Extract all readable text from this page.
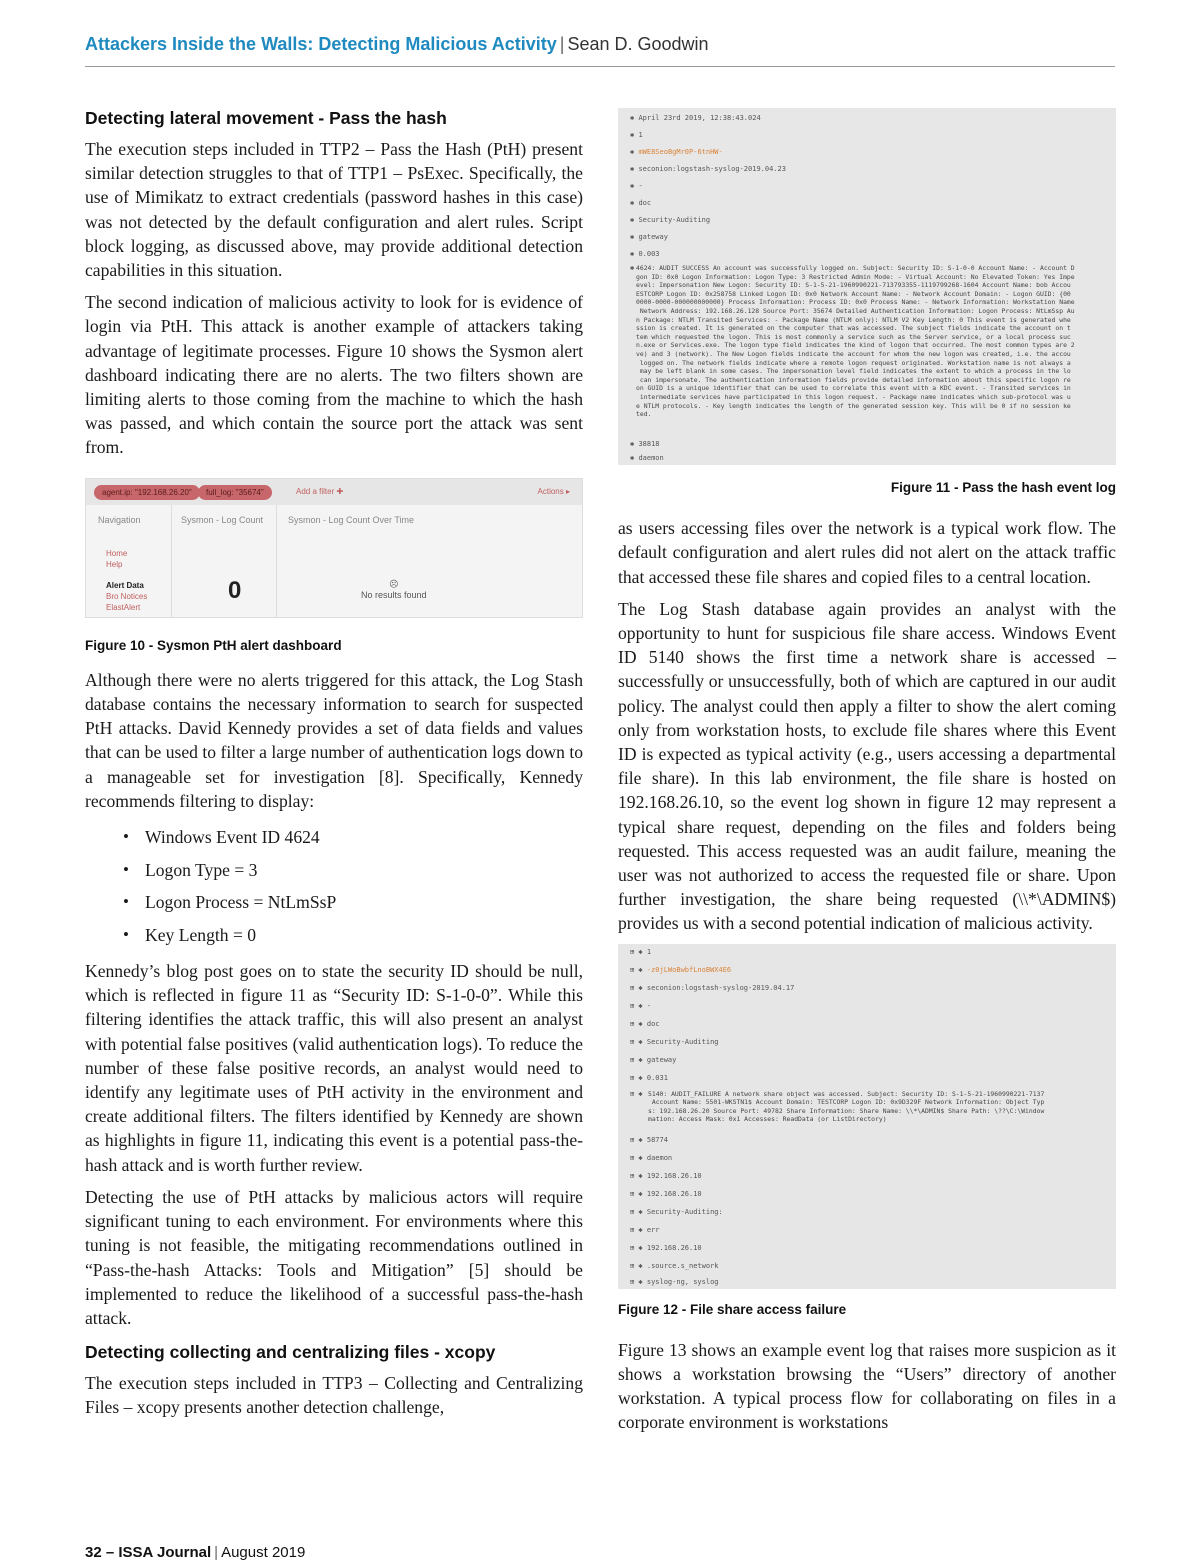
Attackers Inside the Walls: Detecting Malicious Activity | Sean D. Goodwin
Detecting lateral movement - Pass the hash

The execution steps included in TTP2 – Pass the Hash (PtH) present similar detection struggles to that of TTP1 – PsExec. Specifically, the use of Mimikatz to extract credentials (password hashes in this case) was not detected by the default configuration and alert rules. Script block logging, as discussed above, may provide additional detection capabilities in this situation.

The second indication of malicious activity to look for is evidence of login via PtH. This attack is another example of attackers taking advantage of legitimate processes. Figure 10 shows the Sysmon alert dashboard indicating there are no alerts. The two filters shown are limiting alerts to those coming from the machine to which the hash was passed, and which contain the source port the attack was sent from.

agent.ip: "192.168.26.20"	full_log: "35674"	Add a filter ✚	Actions ▸
Navigation
Home
Help
Alert Data
Bro Notices
ElastAlert
Sysmon - Log Count
0
Sysmon - Log Count Over Time
☹
No results found

Figure 10 - Sysmon PtH alert dashboard

Although there were no alerts triggered for this attack, the Log Stash database contains the necessary information to search for suspected PtH attacks. David Kennedy provides a set of data fields and values that can be used to filter a large number of authentication logs down to a manageable set for investigation [8]. Specifically, Kennedy recommends filtering to display:

• Windows Event ID 4624
• Logon Type = 3
• Logon Process = NtLmSsP
• Key Length = 0

Kennedy’s blog post goes on to state the security ID should be null, which is reflected in figure 11 as “Security ID: S-1-0-0”. While this filtering identifies the attack traffic, this will also present an analyst with potential false positives (valid authentication logs). To reduce the number of these false positive records, an analyst would need to identify any legitimate uses of PtH activity in the environment and create additional filters. The filters identified by Kennedy are shown as highlights in figure 11, indicating this event is a potential pass-the-hash attack and is worth further review.

Detecting the use of PtH attacks by malicious actors will require significant tuning to each environment. For environments where this tuning is not feasible, the mitigating recommendations outlined in “Pass-the-hash Attacks: Tools and Mitigation” [5] should be implemented to reduce the likelihood of a successful pass-the-hash attack.

Detecting collecting and centralizing files - xcopy

The execution steps included in TTP3 – Collecting and Centralizing Files – xcopy presents another detection challenge,

✱ April 23rd 2019, 12:38:43.024
✱ 1
✱ mWE8SeoBgMr0P-6tnHW-
✱ seconion:logstash-syslog-2019.04.23
✱ -
✱ doc
✱ Security-Auditing
✱ gateway
✱ 0.003
✱ 4624: AUDIT SUCCESS An account was successfully logged on. Subject: Security ID: S-1-0-0 Account Name: - Account D
gon ID: 0x0 Logon Information: Logon Type: 3 Restricted Admin Mode: - Virtual Account: No Elevated Token: Yes Impe
evel: Impersonation New Logon: Security ID: S-1-5-21-1960990221-713793355-1119799268-1604 Account Name: bob Accou
ESTCORP Logon ID: 0x258758 Linked Logon ID: 0x0 Network Account Name: - Network Account Domain: - Logon GUID: {00
0000-0000-000000000000} Process Information: Process ID: 0x0 Process Name: - Network Information: Workstation Name
Network Address: 192.168.26.128 Source Port: 35674 Detailed Authentication Information: Logon Process: NtLmSsp Au
n Package: NTLM Transited Services: - Package Name (NTLM only): NTLM V2 Key Length: 0 This event is generated whe
ssion is created. It is generated on the computer that was accessed. The subject fields indicate the account on t
tem which requested the logon. This is most commonly a service such as the Server service, or a local process suc
n.exe or Services.exe. The logon type field indicates the kind of logon that occurred. The most common types are 2
ve) and 3 (network). The New Logon fields indicate the account for whom the new logon was created, i.e. the accou
logged on. The network fields indicate where a remote logon request originated. Workstation name is not always a
may be left blank in some cases. The impersonation level field indicates the extent to which a process in the lo
can impersonate. The authentication information fields provide detailed information about this specific logon re
on GUID is a unique identifier that can be used to correlate this event with a KDC event. - Transited services in
intermediate services have participated in this logon request. - Package name indicates which sub-protocol was u
e NTLM protocols. - Key length indicates the length of the generated session key. This will be 0 if no session ke
ted.
✱ 38818
✱ daemon

Figure 11 - Pass the hash event log

as users accessing files over the network is a typical work flow. The default configuration and alert rules did not alert on the attack traffic that accessed these file shares and copied files to a central location.

The Log Stash database again provides an analyst with the opportunity to hunt for suspicious file share access. Windows Event ID 5140 shows the first time a network share is accessed – successfully or unsuccessfully, both of which are captured in our audit policy. The analyst could then apply a filter to show the alert coming only from workstation hosts, to exclude file shares where this Event ID is expected as typical activity (e.g., users accessing a departmental file share). In this lab environment, the file share is hosted on 192.168.26.10, so the event log shown in figure 12 may represent a typical share request, depending on the files and folders being requested. This access requested was an audit failure, meaning the user was not authorized to access the requested file or share. Upon further investigation, the share being requested (\\*\ADMIN$) provides us with a second potential indication of malicious activity.

⊞ ✱ 1
⊞ ✱ -z0jLWoBwbfLnoBWX4E6
⊞ ✱ seconion:logstash-syslog-2019.04.17
⊞ ✱ -
⊞ ✱ doc
⊞ ✱ Security-Auditing
⊞ ✱ gateway
⊞ ✱ 0.031
⊞ ✱ 5140: AUDIT_FAILURE A network share object was accessed. Subject: Security ID: S-1-5-21-1960990221-7137
Account Name: 5501-WKSTN1$ Account Domain: TESTCORP Logon ID: 0x9D329F Network Information: Object Typ
s: 192.168.26.20 Source Port: 49782 Share Information: Share Name: \\*\ADMIN$ Share Path: \??\C:\Window
mation: Access Mask: 0x1 Accesses: ReadData (or ListDirectory)
⊞ ✱ 58774
⊞ ✱ daemon
⊞ ✱ 192.168.26.10
⊞ ✱ 192.168.26.10
⊞ ✱ Security-Auditing:
⊞ ✱ err
⊞ ✱ 192.168.26.10
⊞ ✱ .source.s_network
⊞ ✱ syslog-ng, syslog

Figure 12 - File share access failure

Figure 13 shows an example event log that raises more suspicion as it shows a workstation browsing the “Users” directory of another workstation. A typical process flow for collaborating on files in a corporate environment is workstations

32 – ISSA Journal | August 2019
